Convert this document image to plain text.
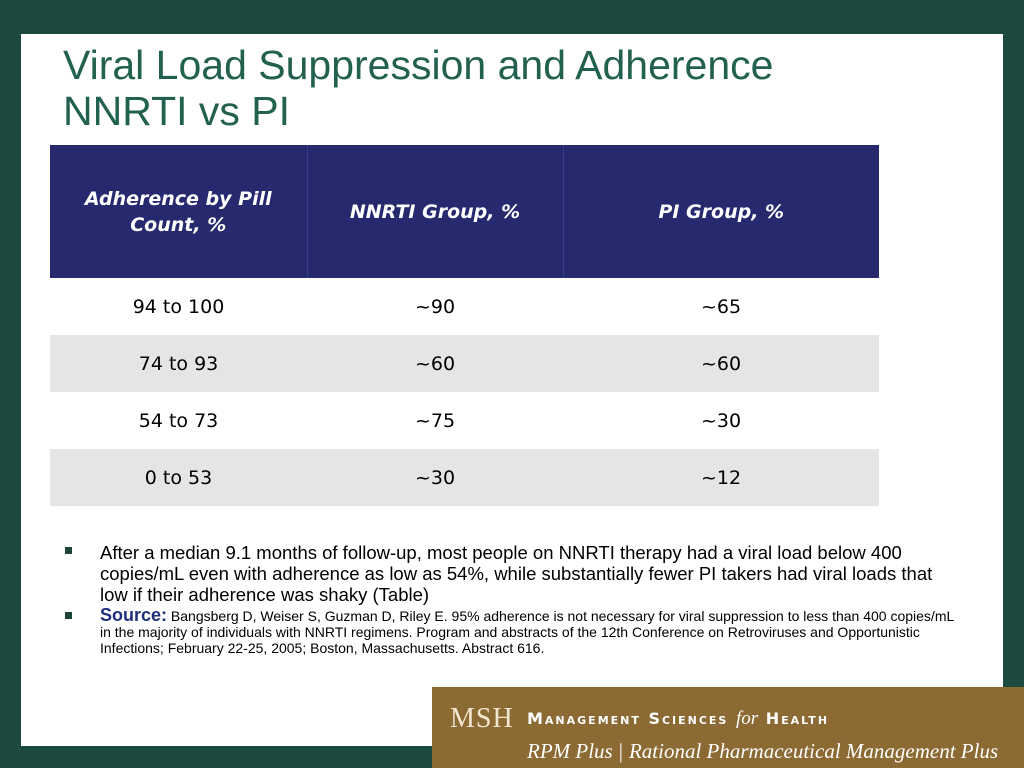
Viral Load Suppression and Adherence
NNRTI vs PI
Adherence by Pill Count, %	NNRTI Group, %	PI Group, %
94 to 100	~90	~65
74 to 93	~60	~60
54 to 73	~75	~30
0 to 53	~30	~12
After a median 9.1 months of follow-up, most people on NNRTI therapy had a viral load below 400 copies/mL even with adherence as low as 54%, while substantially fewer PI takers had viral loads that low if their adherence was shaky (Table)
Source: Bangsberg D, Weiser S, Guzman D, Riley E. 95% adherence is not necessary for viral suppression to less than 400 copies/mL in the majority of individuals with NNRTI regimens. Program and abstracts of the 12th Conference on Retroviruses and Opportunistic Infections; February 22-25, 2005; Boston, Massachusetts. Abstract 616.
MSH Management Sciences for Health
RPM Plus | Rational Pharmaceutical Management Plus
